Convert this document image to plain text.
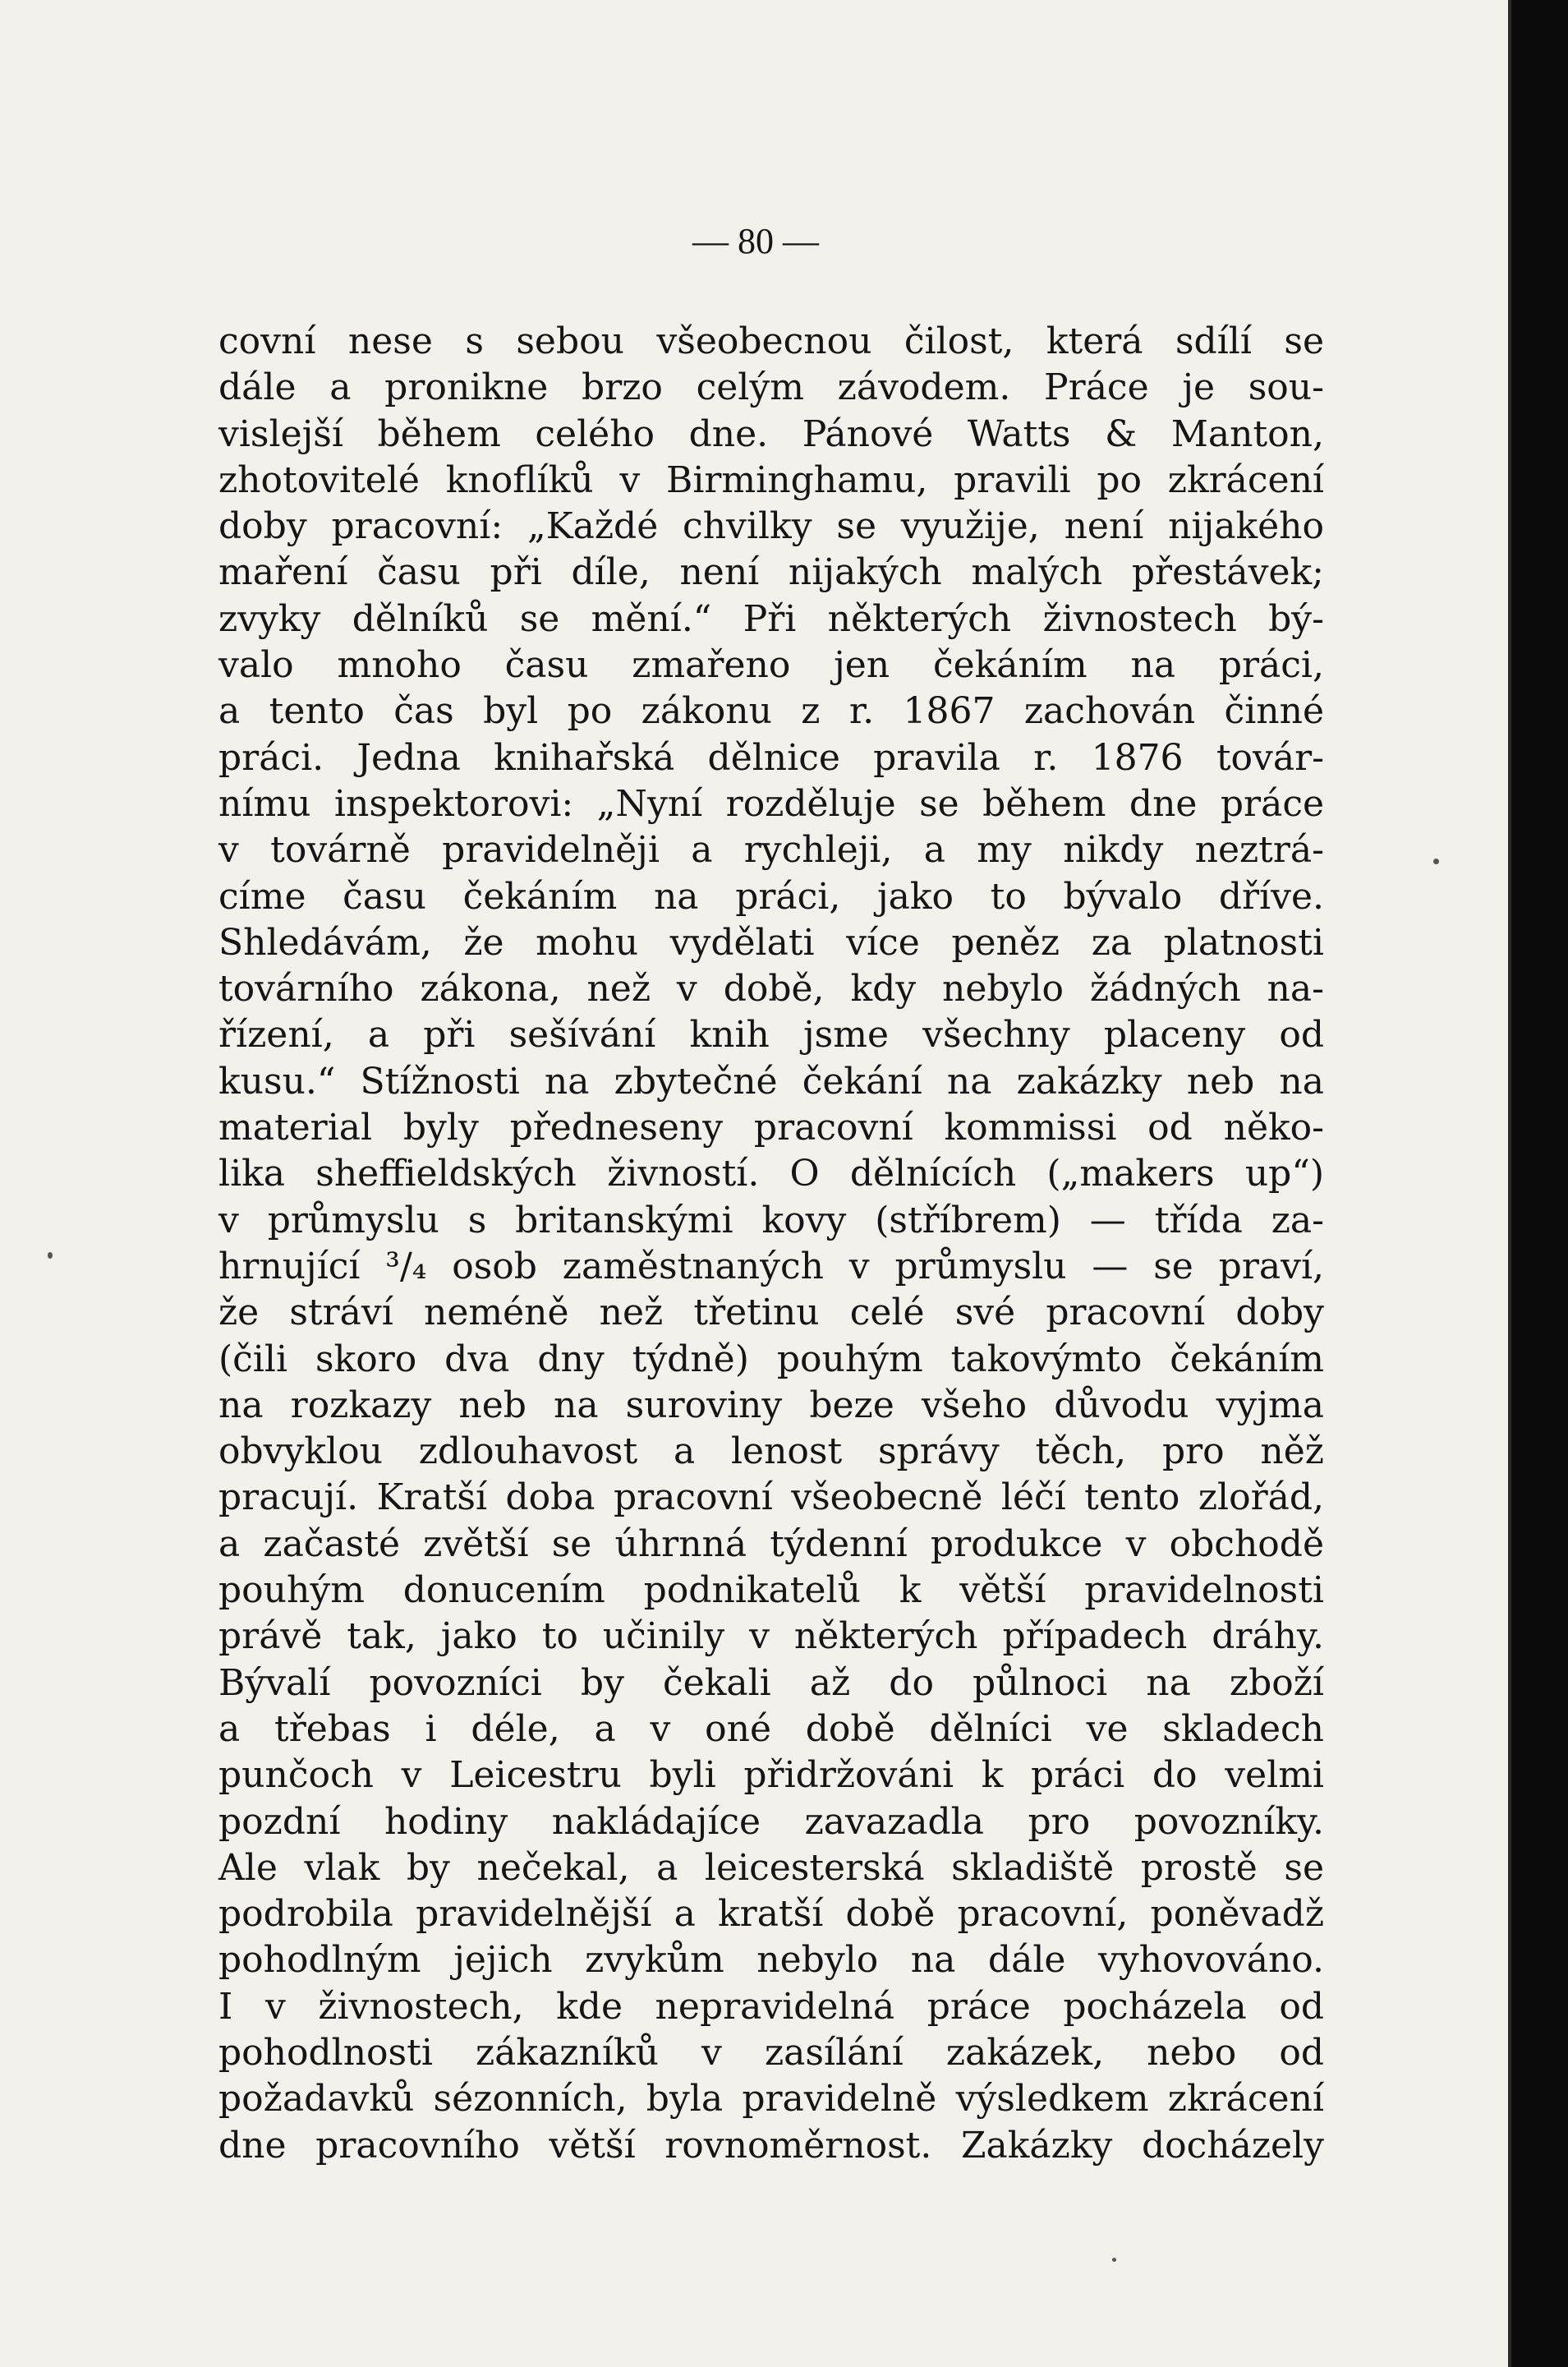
— 80 —
covní nese s sebou všeobecnou čilost, která sdílí se
dále a pronikne brzo celým závodem. Práce je sou-
vislejší během celého dne. Pánové Watts & Manton,
zhotovitelé knoflíků v Birminghamu, pravili po zkrácení
doby pracovní: „Každé chvilky se využije, není nijakého
maření času při díle, není nijakých malých přestávek;
zvyky dělníků se mění.“ Při některých živnostech bý-
valo mnoho času zmařeno jen čekáním na práci,
a tento čas byl po zákonu z r. 1867 zachován činné
práci. Jedna knihařská dělnice pravila r. 1876 továr-
nímu inspektorovi: „Nyní rozděluje se během dne práce
v továrně pravidelněji a rychleji, a my nikdy neztrá-
címe času čekáním na práci, jako to bývalo dříve.
Shledávám, že mohu vydělati více peněz za platnosti
továrního zákona, než v době, kdy nebylo žádných na-
řízení, a při sešívání knih jsme všechny placeny od
kusu.“ Stížnosti na zbytečné čekání na zakázky neb na
material byly předneseny pracovní kommissi od něko-
lika sheffieldských živností. O dělnících („makers up“)
v průmyslu s britanskými kovy (stříbrem) — třída za-
hrnující ³/₄ osob zaměstnaných v průmyslu — se praví,
že stráví neméně než třetinu celé své pracovní doby
(čili skoro dva dny týdně) pouhým takovýmto čekáním
na rozkazy neb na suroviny beze všeho důvodu vyjma
obvyklou zdlouhavost a lenost správy těch, pro něž
pracují. Kratší doba pracovní všeobecně léčí tento zlořád,
a začasté zvětší se úhrnná týdenní produkce v obchodě
pouhým donucením podnikatelů k větší pravidelnosti
právě tak, jako to učinily v některých případech dráhy.
Bývalí povozníci by čekali až do půlnoci na zboží
a třebas i déle, a v oné době dělníci ve skladech
punčoch v Leicestru byli přidržováni k práci do velmi
pozdní hodiny nakládajíce zavazadla pro povozníky.
Ale vlak by nečekal, a leicesterská skladiště prostě se
podrobila pravidelnější a kratší době pracovní, poněvadž
pohodlným jejich zvykům nebylo na dále vyhovováno.
I v živnostech, kde nepravidelná práce pocházela od
pohodlnosti zákazníků v zasílání zakázek, nebo od
požadavků sézonních, byla pravidelně výsledkem zkrácení
dne pracovního větší rovnoměrnost. Zakázky docházely
